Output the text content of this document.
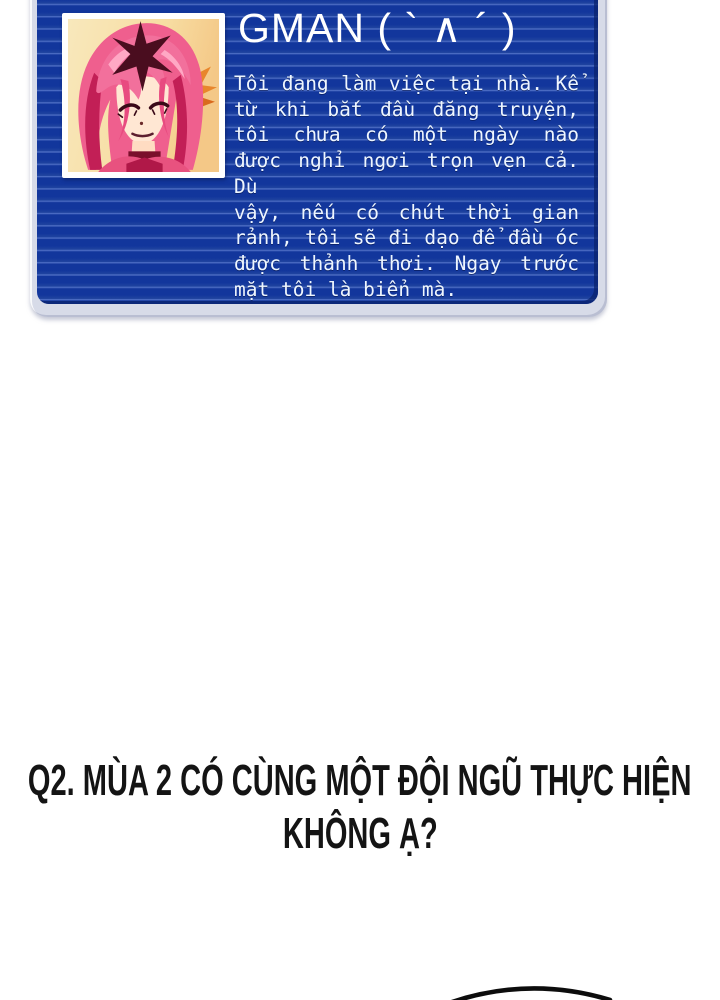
GMAN ( ` ∧ ´ )
Tôi đang làm việc tại nhà. Kể
từ khi bắt đầu đăng truyện,
tôi chưa có một ngày nào
được nghỉ ngơi trọn vẹn cả. Dù
vậy, nếu có chút thời gian
rảnh, tôi sẽ đi dạo để đầu óc
được thảnh thơi. Ngay trước
mặt tôi là biển mà.
Q2. MÙA 2 CÓ CÙNG MỘT ĐỘI NGŨ THỰC HIỆN
KHÔNG Ạ?
